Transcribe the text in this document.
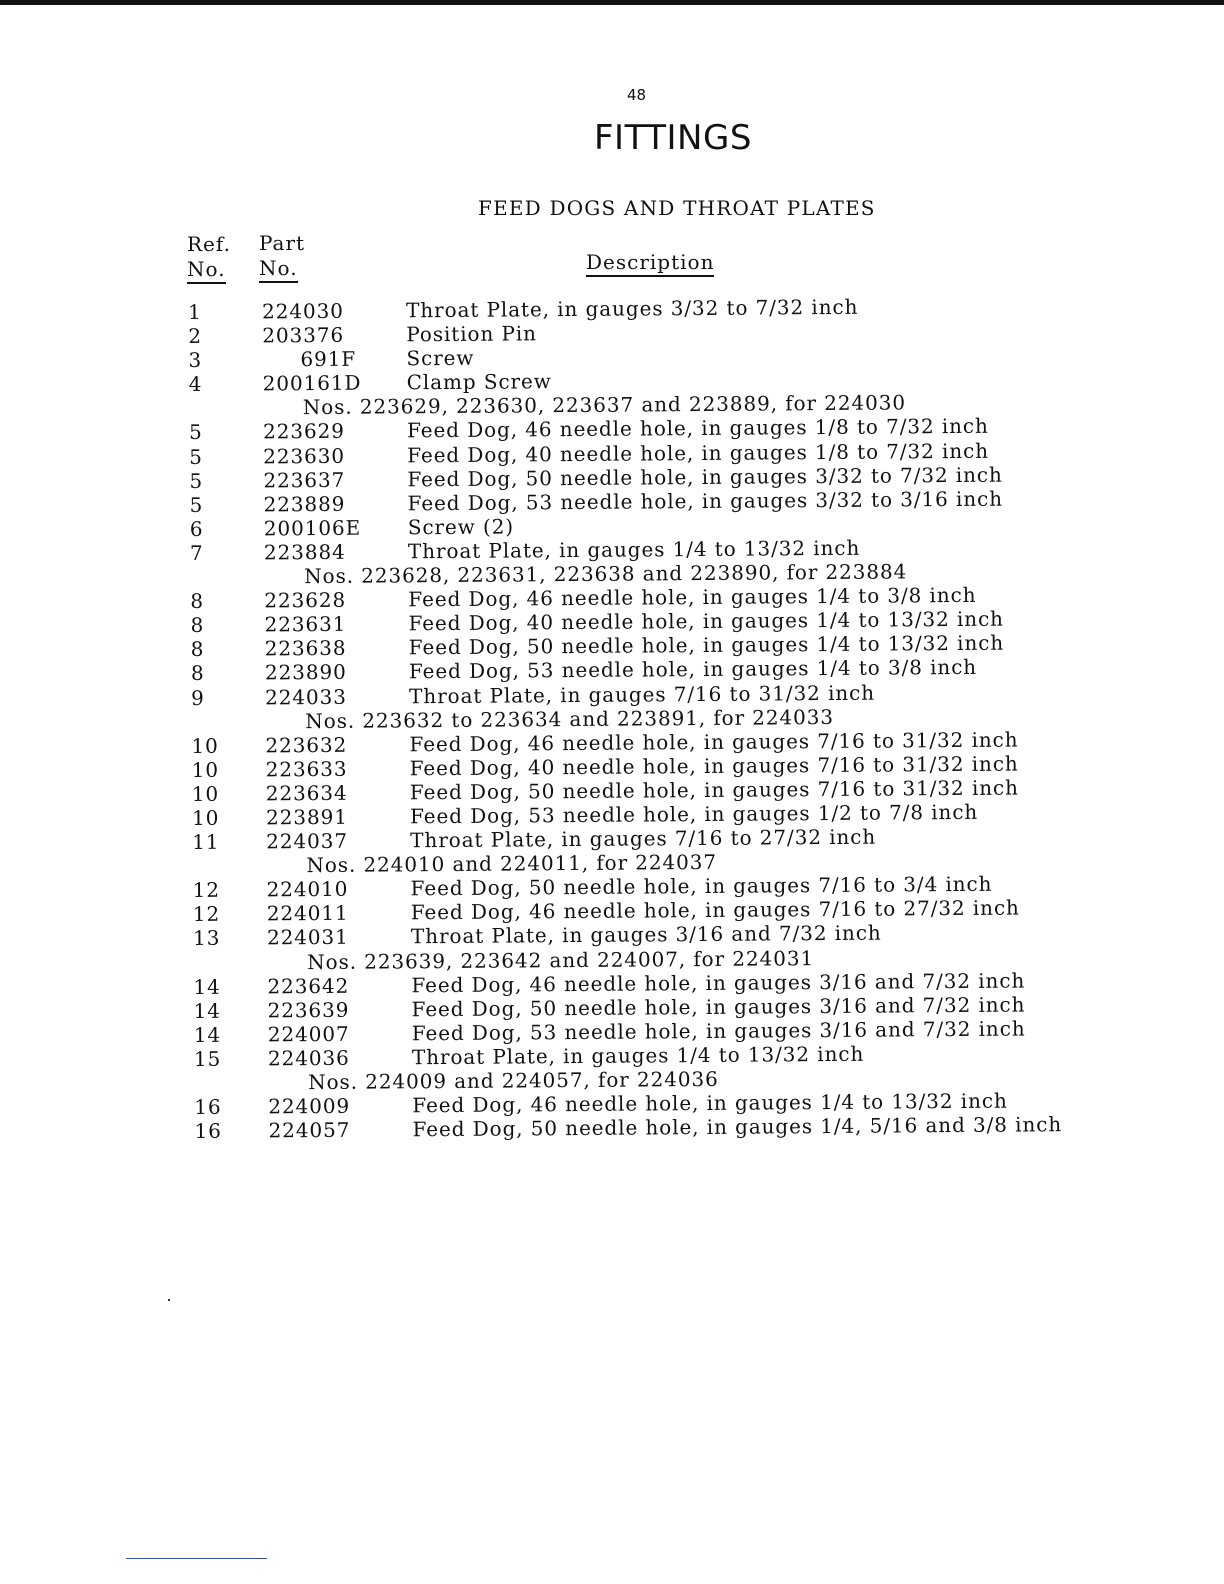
48
FITTINGS
FEED DOGS AND THROAT PLATES
Ref.
No.
Part
No.	Description
1	224030	Throat Plate, in gauges 3/32 to 7/32 inch
2	203376	Position Pin
3	691F	Screw
4	200161D Clamp Screw
Nos. 223629, 223630, 223637 and 223889, for 224030
5	223629	Feed Dog, 46 needle hole, in gauges 1/8 to 7/32 inch
5	223630	Feed Dog, 40 needle hole, in gauges 1/8 to 7/32 inch
5	223637	Feed Dog, 50 needle hole, in gauges 3/32 to 7/32 inch
5	223889	Feed Dog, 53 needle hole, in gauges 3/32 to 3/16 inch
6	200106E Screw (2)
7	223884	Throat Plate, in gauges 1/4 to 13/32 inch
Nos. 223628, 223631, 223638 and 223890, for 223884
8	223628	Feed Dog, 46 needle hole, in gauges 1/4 to 3/8 inch
8	223631	Feed Dog, 40 needle hole, in gauges 1/4 to 13/32 inch
8	223638	Feed Dog, 50 needle hole, in gauges 1/4 to 13/32 inch
8	223890	Feed Dog, 53 needle hole, in gauges 1/4 to 3/8 inch
9	224033	Throat Plate, in gauges 7/16 to 31/32 inch
Nos. 223632 to 223634 and 223891, for 224033
10 223632	Feed Dog, 46 needle hole, in gauges 7/16 to 31/32 inch
10 223633	Feed Dog, 40 needle hole, in gauges 7/16 to 31/32 inch
10 223634	Feed Dog, 50 needle hole, in gauges 7/16 to 31/32 inch
10 223891	Feed Dog, 53 needle hole, in gauges 1/2 to 7/8 inch
11 224037	Throat Plate, in gauges 7/16 to 27/32 inch
Nos. 224010 and 224011, for 224037
12 224010	Feed Dog, 50 needle hole, in gauges 7/16 to 3/4 inch
12 224011	Feed Dog, 46 needle hole, in gauges 7/16 to 27/32 inch
13 224031	Throat Plate, in gauges 3/16 and 7/32 inch
Nos. 223639, 223642 and 224007, for 224031
14 223642	Feed Dog, 46 needle hole, in gauges 3/16 and 7/32 inch
14 223639	Feed Dog, 50 needle hole, in gauges 3/16 and 7/32 inch
14 224007	Feed Dog, 53 needle hole, in gauges 3/16 and 7/32 inch
15 224036	Throat Plate, in gauges 1/4 to 13/32 inch
Nos. 224009 and 224057, for 224036
16 224009	Feed Dog, 46 needle hole, in gauges 1/4 to 13/32 inch
16 224057	Feed Dog, 50 needle hole, in gauges 1/4, 5/16 and 3/8 inch
